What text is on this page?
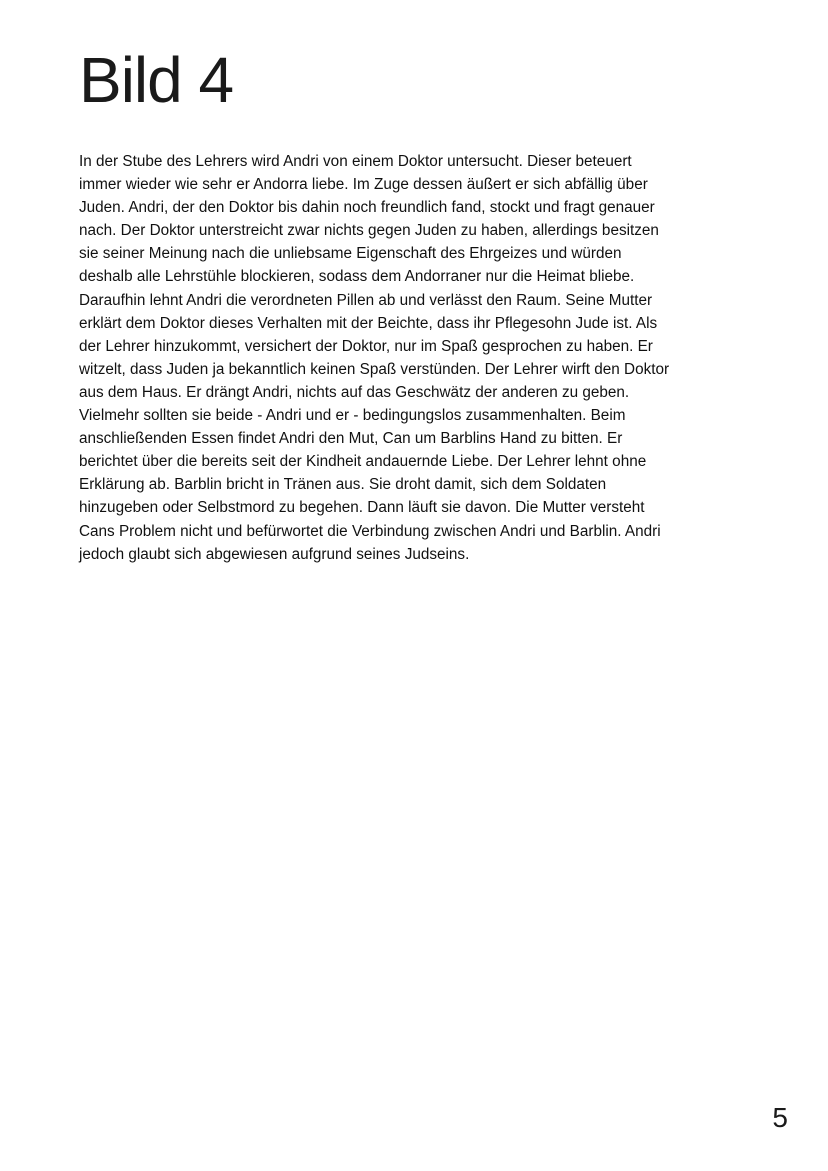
Bild 4
In der Stube des Lehrers wird Andri von einem Doktor untersucht. Dieser beteuert
immer wieder wie sehr er Andorra liebe. Im Zuge dessen äußert er sich abfällig über
Juden. Andri, der den Doktor bis dahin noch freundlich fand, stockt und fragt genauer
nach. Der Doktor unterstreicht zwar nichts gegen Juden zu haben, allerdings besitzen
sie seiner Meinung nach die unliebsame Eigenschaft des Ehrgeizes und würden
deshalb alle Lehrstühle blockieren, sodass dem Andorraner nur die Heimat bliebe.
Daraufhin lehnt Andri die verordneten Pillen ab und verlässt den Raum. Seine Mutter
erklärt dem Doktor dieses Verhalten mit der Beichte, dass ihr Pflegesohn Jude ist. Als
der Lehrer hinzukommt, versichert der Doktor, nur im Spaß gesprochen zu haben. Er
witzelt, dass Juden ja bekanntlich keinen Spaß verstünden. Der Lehrer wirft den Doktor
aus dem Haus. Er drängt Andri, nichts auf das Geschwätz der anderen zu geben.
Vielmehr sollten sie beide - Andri und er - bedingungslos zusammenhalten. Beim
anschließenden Essen findet Andri den Mut, Can um Barblins Hand zu bitten. Er
berichtet über die bereits seit der Kindheit andauernde Liebe. Der Lehrer lehnt ohne
Erklärung ab. Barblin bricht in Tränen aus. Sie droht damit, sich dem Soldaten
hinzugeben oder Selbstmord zu begehen. Dann läuft sie davon. Die Mutter versteht
Cans Problem nicht und befürwortet die Verbindung zwischen Andri und Barblin. Andri
jedoch glaubt sich abgewiesen aufgrund seines Judseins.
5
